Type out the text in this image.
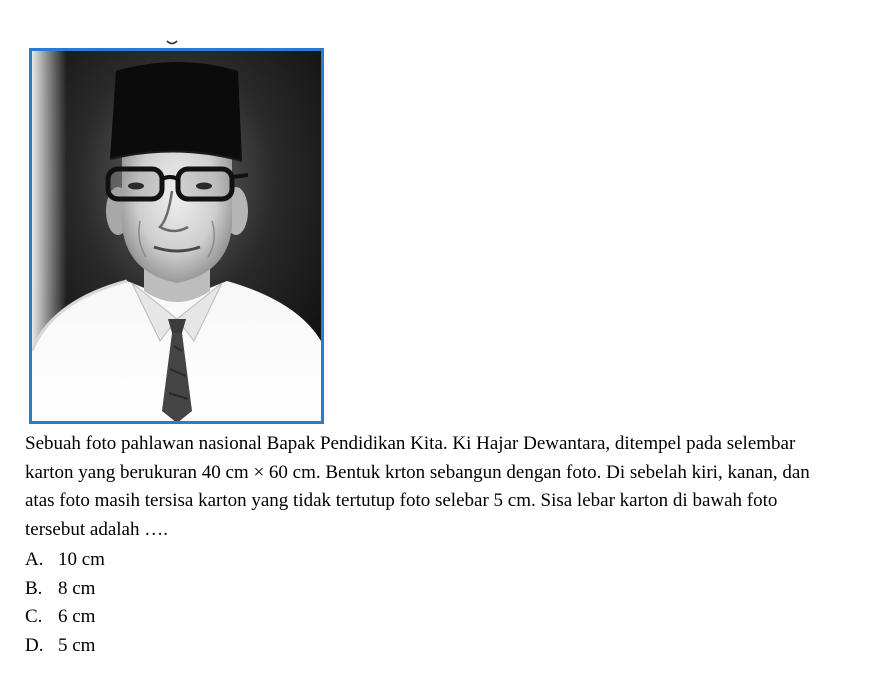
Sebuah foto pahlawan nasional Bapak Pendidikan Kita. Ki Hajar Dewantara, ditempel pada selembar karton yang berukuran 40 cm × 60 cm. Bentuk krton sebangun dengan foto. Di sebelah kiri, kanan, dan atas foto masih tersisa karton yang tidak tertutup foto selebar 5 cm. Sisa lebar karton di bawah foto tersebut adalah ….

A. 10 cm
B. 8 cm
C. 6 cm
D. 5 cm
